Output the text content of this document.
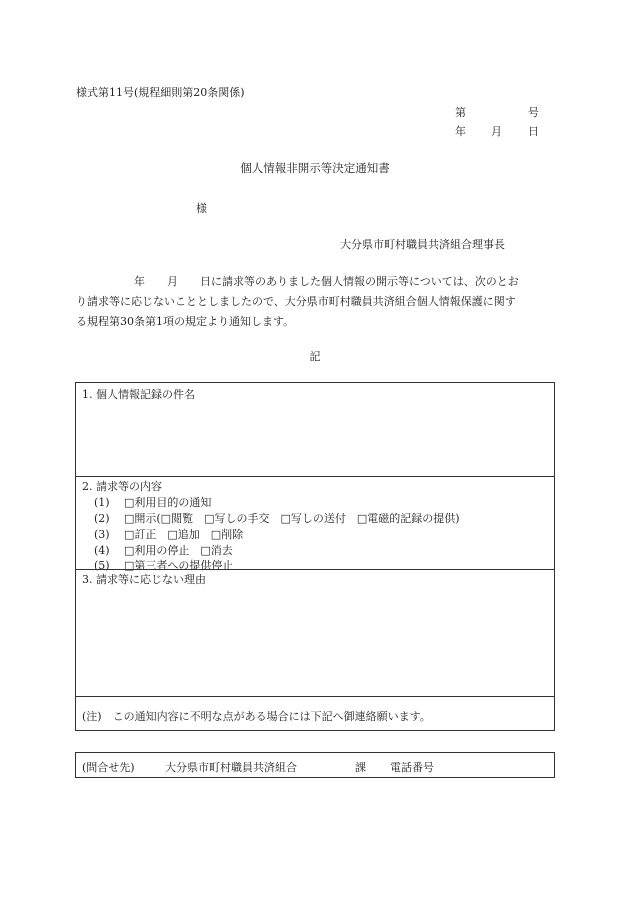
様式第11号(規程細則第20条関係)
第	号
年 月 日
個人情報非開示等決定通知書
様
大分県市町村職員共済組合理事長

年　　月　　日に請求等のありました個人情報の開示等については、次のとお

り請求等に応じないこととしましたので、大分県市町村職員共済組合個人情報保護に関す

る規程第30条第1項の規定より通知します。

記
1. 個人情報記録の件名
2. 請求等の内容
(1) □利用目的の通知
(2) □開示(□閲覧　□写しの手交　□写しの送付　□電磁的記録の提供)
(3) □訂正　□追加　□削除
(4) □利用の停止　□消去
(5) □第三者への提供停止
3. 請求等に応じない理由
(注)　この通知内容に不明な点がある場合には下記へ御連絡願います。
(問合せ先)	大分県市町村職員共済組合	課 電話番号
